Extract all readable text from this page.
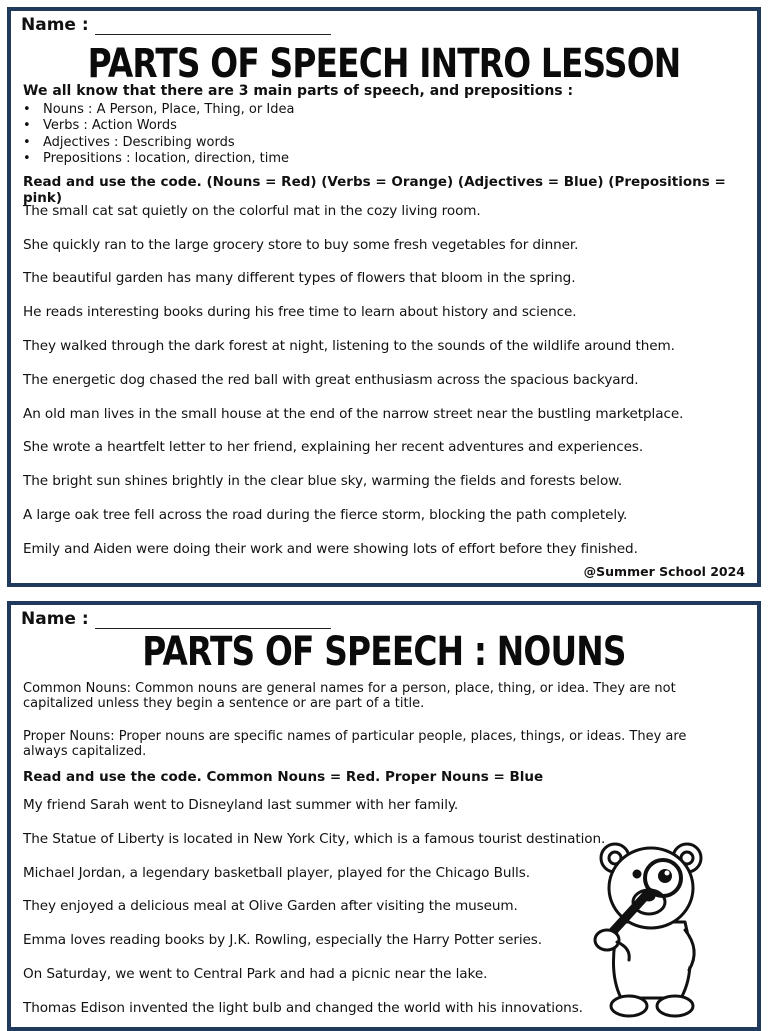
Name :
PARTS OF SPEECH INTRO LESSON
We all know that there are 3 main parts of speech, and prepositions :
• Nouns : A Person, Place, Thing, or Idea
• Verbs : Action Words
• Adjectives : Describing words
• Prepositions : location, direction, time
Read and use the code. (Nouns = Red) (Verbs = Orange) (Adjectives = Blue) (Prepositions = pink)
The small cat sat quietly on the colorful mat in the cozy living room.
She quickly ran to the large grocery store to buy some fresh vegetables for dinner.
The beautiful garden has many different types of flowers that bloom in the spring.
He reads interesting books during his free time to learn about history and science.
They walked through the dark forest at night, listening to the sounds of the wildlife around them.
The energetic dog chased the red ball with great enthusiasm across the spacious backyard.
An old man lives in the small house at the end of the narrow street near the bustling marketplace.
She wrote a heartfelt letter to her friend, explaining her recent adventures and experiences.
The bright sun shines brightly in the clear blue sky, warming the fields and forests below.
A large oak tree fell across the road during the fierce storm, blocking the path completely.
Emily and Aiden were doing their work and were showing lots of effort before they finished.
@Summer School 2024
Name :
PARTS OF SPEECH : NOUNS
Common Nouns: Common nouns are general names for a person, place, thing, or idea. They are not capitalized unless they begin a sentence or are part of a title.
Proper Nouns: Proper nouns are specific names of particular people, places, things, or ideas. They are always capitalized.
Read and use the code. Common Nouns = Red. Proper Nouns = Blue
My friend Sarah went to Disneyland last summer with her family.
The Statue of Liberty is located in New York City, which is a famous tourist destination.
Michael Jordan, a legendary basketball player, played for the Chicago Bulls.
They enjoyed a delicious meal at Olive Garden after visiting the museum.
Emma loves reading books by J.K. Rowling, especially the Harry Potter series.
On Saturday, we went to Central Park and had a picnic near the lake.
Thomas Edison invented the light bulb and changed the world with his innovations.
